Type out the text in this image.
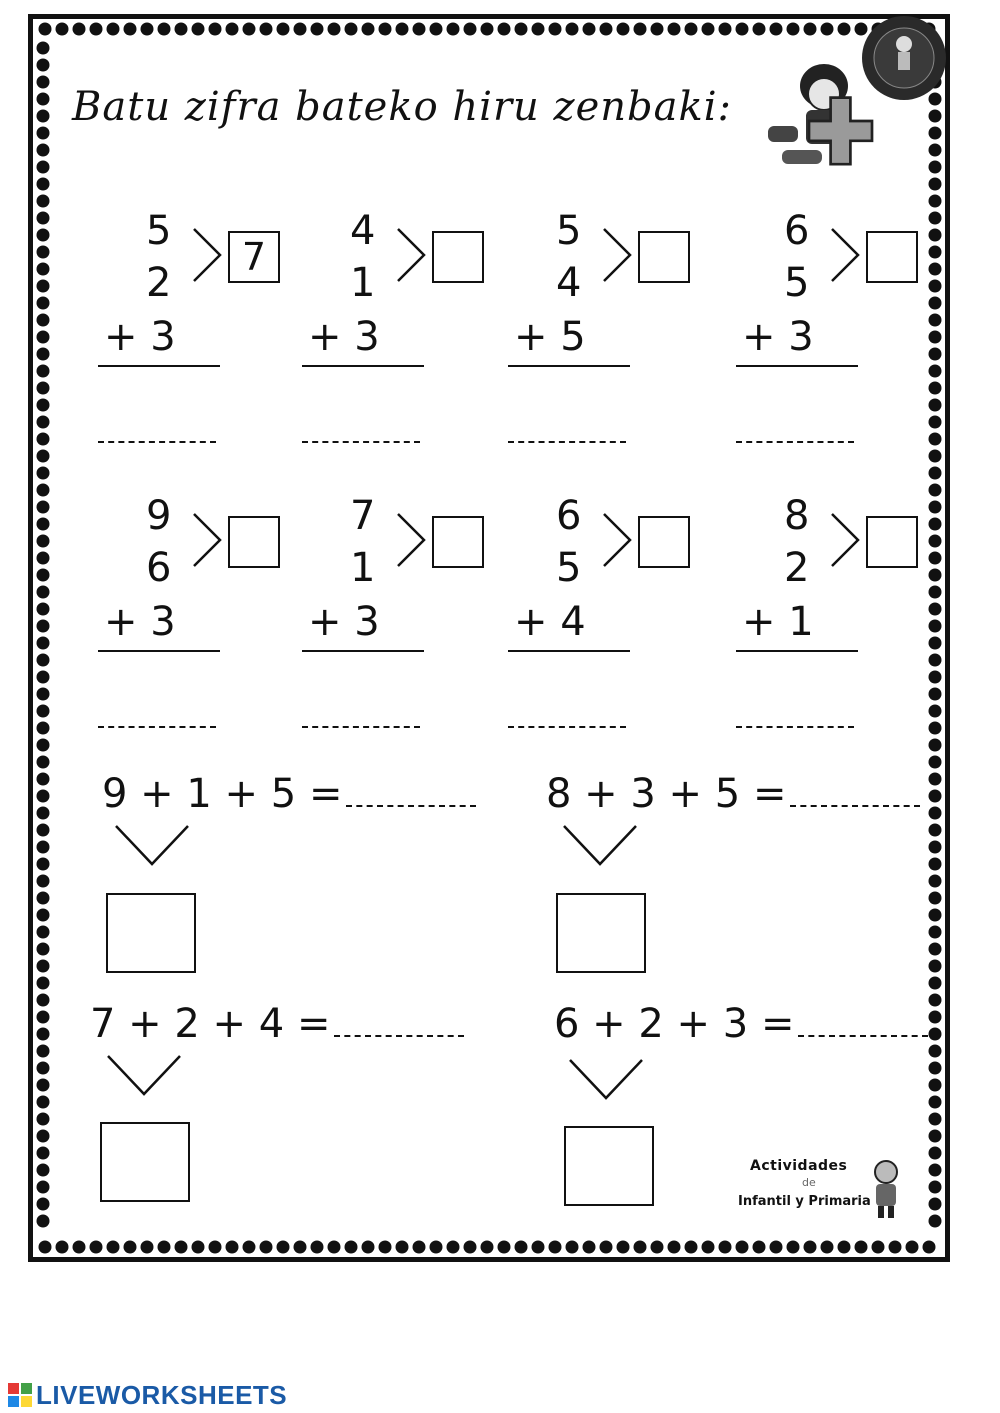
Batu zifra bateko hiru zenbaki:
5
2
+ 3
7
4
1
+ 3
5
4
+ 5
6
5
+ 3
9
6
+ 3
7
1
+ 3
6
5
+ 4
8
2
+ 1
9 + 1 + 5 =	8 + 3 + 5 =
7 + 2 + 4 =	6 + 2 + 3 =
Actividades
de
Infantil y Primaria
LIVEWORKSHEETS
